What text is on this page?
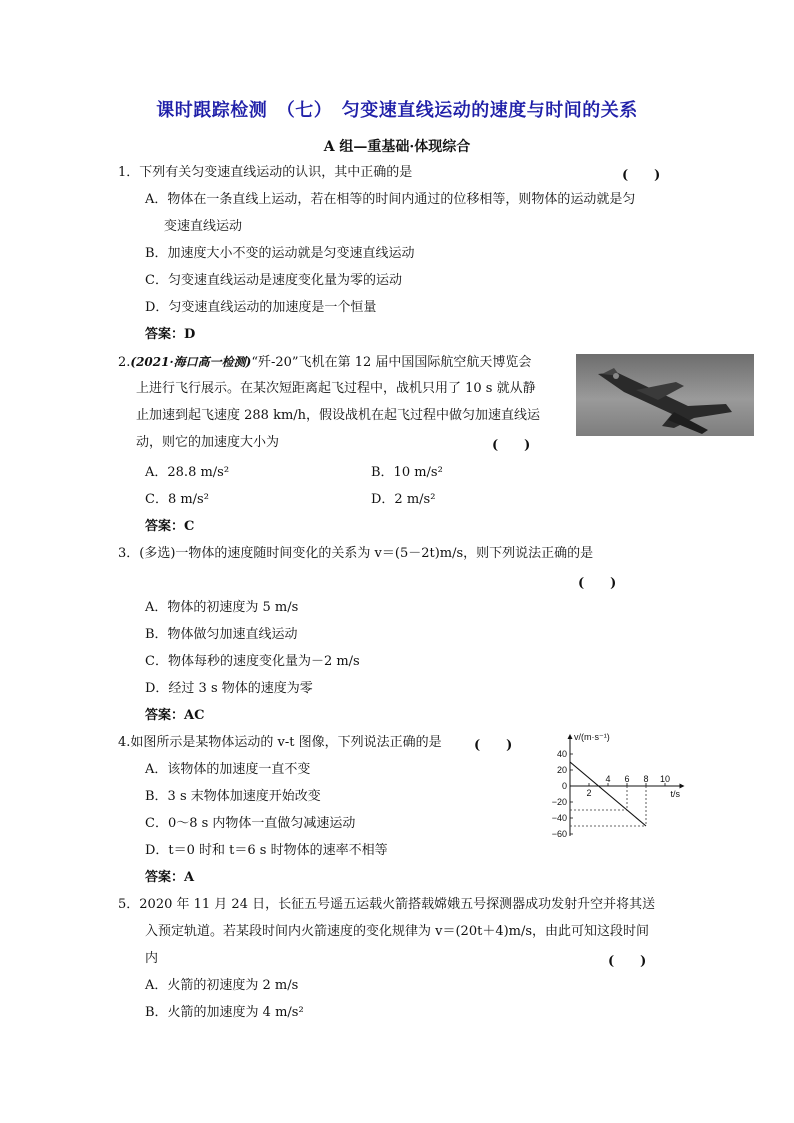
课时跟踪检测　（七）　匀变速直线运动的速度与时间的关系
A 组—重基础·体现综合
1．下列有关匀变速直线运动的认识，其中正确的是	(　　)
A．物体在一条直线上运动，若在相等的时间内通过的位移相等，则物体的运动就是匀
变速直线运动
B．加速度大小不变的运动就是匀变速直线运动
C．匀变速直线运动是速度变化量为零的运动
D．匀变速直线运动的加速度是一个恒量
答案：D
2.(2021·海口高一检测)“歼-20”飞机在第 12 届中国国际航空航天博览会
上进行飞行展示。在某次短距离起飞过程中，战机只用了 10 s 就从静
止加速到起飞速度 288 km/h，假设战机在起飞过程中做匀加速直线运
动，则它的加速度大小为	(　　)
A．28.8 m/s²	B．10 m/s²
C．8 m/s²	D．2 m/s²
答案：C
3．(多选)一物体的速度随时间变化的关系为 v＝(5－2t)m/s，则下列说法正确的是
(　　)
A．物体的初速度为 5 m/s
B．物体做匀加速直线运动
C．物体每秒的速度变化量为－2 m/s
D．经过 3 s 物体的速度为零
答案：AC
4.如图所示是某物体运动的 v-t 图像，下列说法正确的是 (　　)
A．该物体的加速度一直不变
B．3 s 末物体加速度开始改变
C．0～8 s 内物体一直做匀减速运动
D．t＝0 时和 t＝6 s 时物体的速率不相等
答案：A
v/(m·s⁻¹)
t/s
40
20
0
−20
−40
−60
2
4 6 8 10
5．2020 年 11 月 24 日，长征五号遥五运载火箭搭载嫦娥五号探测器成功发射升空并将其送
入预定轨道。若某段时间内火箭速度的变化规律为 v＝(20t＋4)m/s，由此可知这段时间
内	(　　)
A．火箭的初速度为 2 m/s
B．火箭的加速度为 4 m/s²
